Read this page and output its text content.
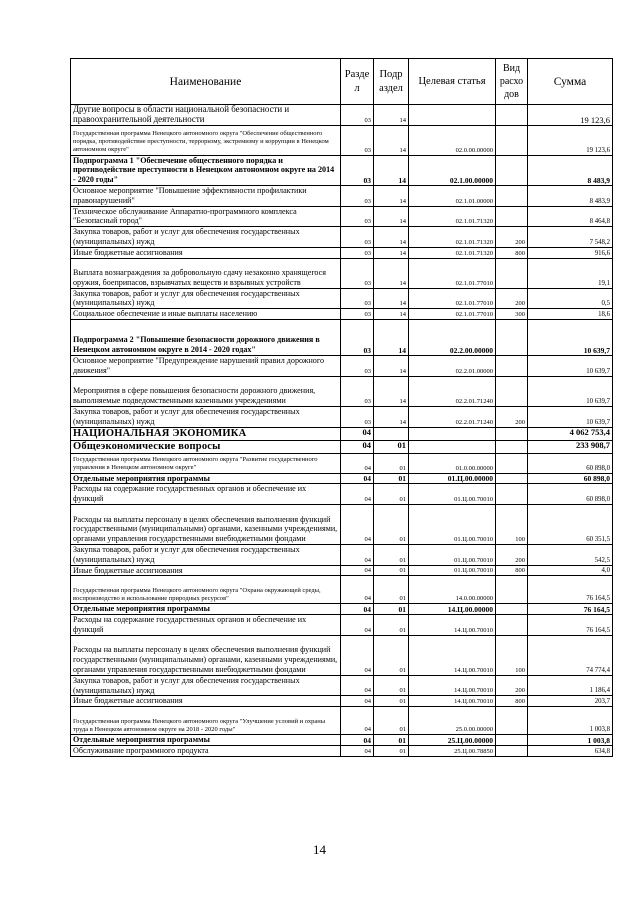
Наименование	Разде л	Подр аздел	Целевая статья	Вид расхо дов	Сумма
Другие вопросы в области национальной безопасности и правоохранительной деятельности	03	14			19 123,6
Государственная программа Ненецкого автономного округа "Обеспечение общественного порядка, противодействие преступности, терроризму, экстремизму и коррупции в Ненецком автономном округе"	03	14	02.0.00.00000		19 123,6
Подпрограмма 1 "Обеспечение общественного порядка и противодействие преступности в Ненецком автономном округе на 2014 - 2020 годы"	03	14	02.1.00.00000		8 483,9
Основное мероприятие "Повышение эффективности профилактики правонарушений"	03	14	02.1.01.00000		8 483,9
Техническое обслуживание Аппаратно-программного комплекса "Безопасный город"	03	14	02.1.01.71320		8 464,8
Закупка товаров, работ и услуг для обеспечения государственных (муниципальных) нужд	03	14	02.1.01.71320	200	7 548,2
Иные бюджетные ассигнования	03	14	02.1.01.71320	800	916,6
Выплата вознаграждения за добровольную сдачу незаконно хранящегося оружия, боеприпасов, взрывчатых веществ и взрывных устройств	03	14	02.1.01.77010		19,1
Закупка товаров, работ и услуг для обеспечения государственных (муниципальных) нужд	03	14	02.1.01.77010	200	0,5
Социальное обеспечение и иные выплаты населению	03	14	02.1.01.77010	300	18,6
Подпрограмма 2 "Повышение безопасности дорожного движения в Ненецком автономном округе в 2014 - 2020 годах"	03	14	02.2.00.00000		10 639,7
Основное мероприятие "Предупреждение нарушений правил дорожного движения"	03	14	02.2.01.00000		10 639,7
Мероприятия в сфере повышения безопасности дорожного движения, выполняемые подведомственными казенными учреждениями	03	14	02.2.01.71240		10 639,7
Закупка товаров, работ и услуг для обеспечения государственных (муниципальных) нужд	03	14	02.2.01.71240	200	10 639,7
НАЦИОНАЛЬНАЯ ЭКОНОМИКА	04				4 062 753,4
Общеэкономические вопросы	04	01			233 908,7
Государственная программа Ненецкого автономного округа "Развитие государственного управления в Ненецком автономном округе"	04	01	01.0.00.00000		60 898,0
Отдельные мероприятия программы	04	01	01.Ц.00.00000		60 898,0
Расходы на содержание государственных органов и обеспечение их функций	04	01	01.Ц.00.70010		60 898,0
Расходы на выплаты персоналу в целях обеспечения выполнения функций государственными (муниципальными) органами, казенными учреждениями, органами управления государственными внебюджетными фондами	04	01	01.Ц.00.70010	100	60 351,5
Закупка товаров, работ и услуг для обеспечения государственных (муниципальных) нужд	04	01	01.Ц.00.70010	200	542,5
Иные бюджетные ассигнования	04	01	01.Ц.00.70010	800	4,0
Государственная программа Ненецкого автономного округа "Охрана окружающей среды, воспроизводство и использование природных ресурсов"	04	01	14.0.00.00000		76 164,5
Отдельные мероприятия программы	04	01	14.Ц.00.00000		76 164,5
Расходы на содержание государственных органов и обеспечение их функций	04	01	14.Ц.00.70010		76 164,5
Расходы на выплаты персоналу в целях обеспечения выполнения функций государственными (муниципальными) органами, казенными учреждениями, органами управления государственными внебюджетными фондами	04	01	14.Ц.00.70010	100	74 774,4
Закупка товаров, работ и услуг для обеспечения государственных (муниципальных) нужд	04	01	14.Ц.00.70010	200	1 186,4
Иные бюджетные ассигнования	04	01	14.Ц.00.70010	800	203,7
Государственная программа Ненецкого автономного округа "Улучшение условий и охраны труда в Ненецком автономном округе на 2018 - 2020 годы"	04	01	25.0.00.00000		1 003,8
Отдельные мероприятия программы	04	01	25.Ц.00.00000		1 003,8
Обслуживание программного продукта	04	01	25.Ц.00.78850		634,8
14
